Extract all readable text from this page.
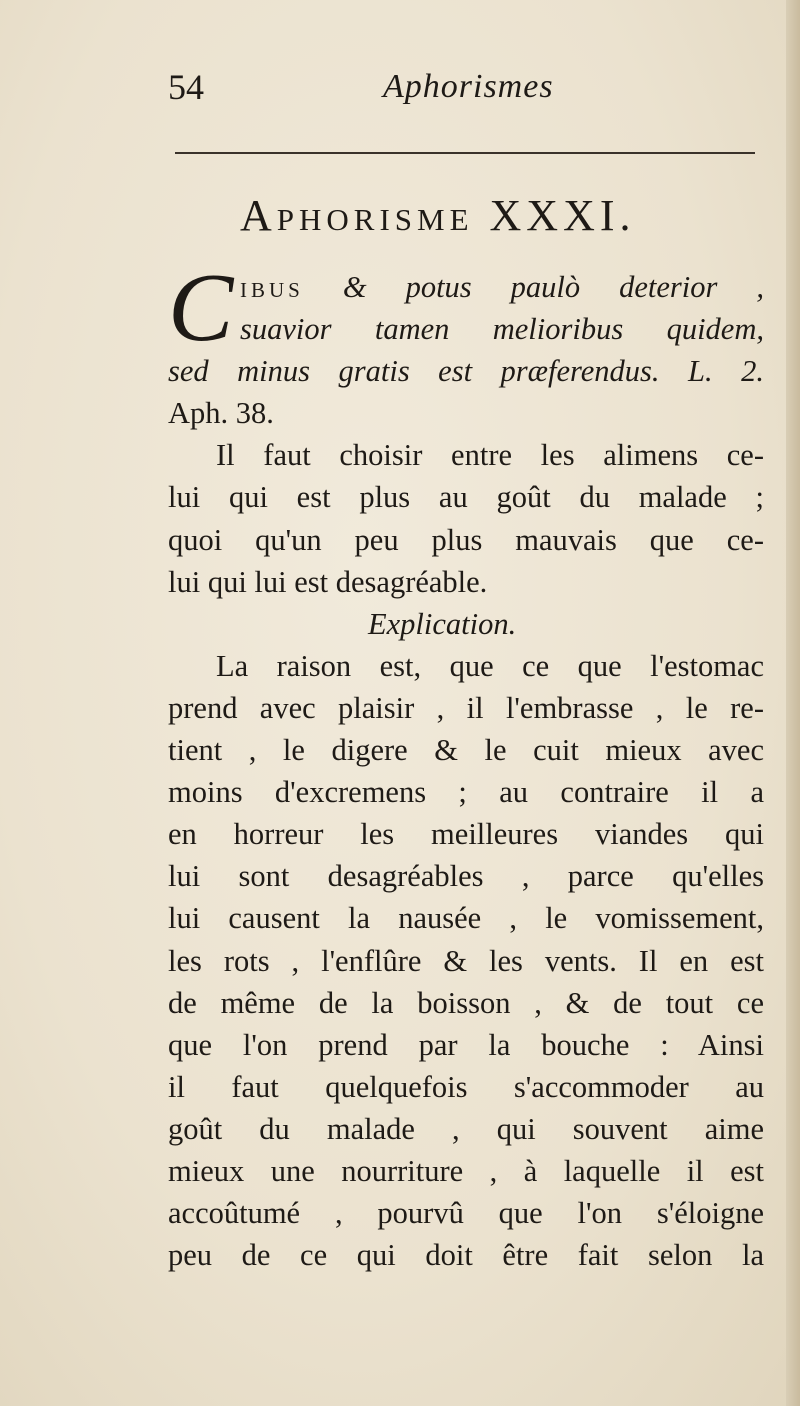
54	Aphorismes
Aphorisme XXXI.
C ibus & potus paulò deterior ,
suavior tamen melioribus quidem,
sed minus gratis est præferendus. L. 2.
Aph. 38.
Il faut choisir entre les alimens ce-
lui qui est plus au goût du malade ;
quoi qu'un peu plus mauvais que ce-
lui qui lui est desagréable.
Explication.
La raison est, que ce que l'estomac
prend avec plaisir , il l'embrasse , le re-
tient , le digere & le cuit mieux avec
moins d'excremens ; au contraire il a
en horreur les meilleures viandes qui
lui sont desagréables , parce qu'elles
lui causent la nausée , le vomissement,
les rots , l'enflûre & les vents. Il en est
de même de la boisson , & de tout ce
que l'on prend par la bouche : Ainsi
il faut quelquefois s'accommoder au
goût du malade , qui souvent aime
mieux une nourriture , à laquelle il est
accoûtumé , pourvû que l'on s'éloigne
peu de ce qui doit être fait selon la
